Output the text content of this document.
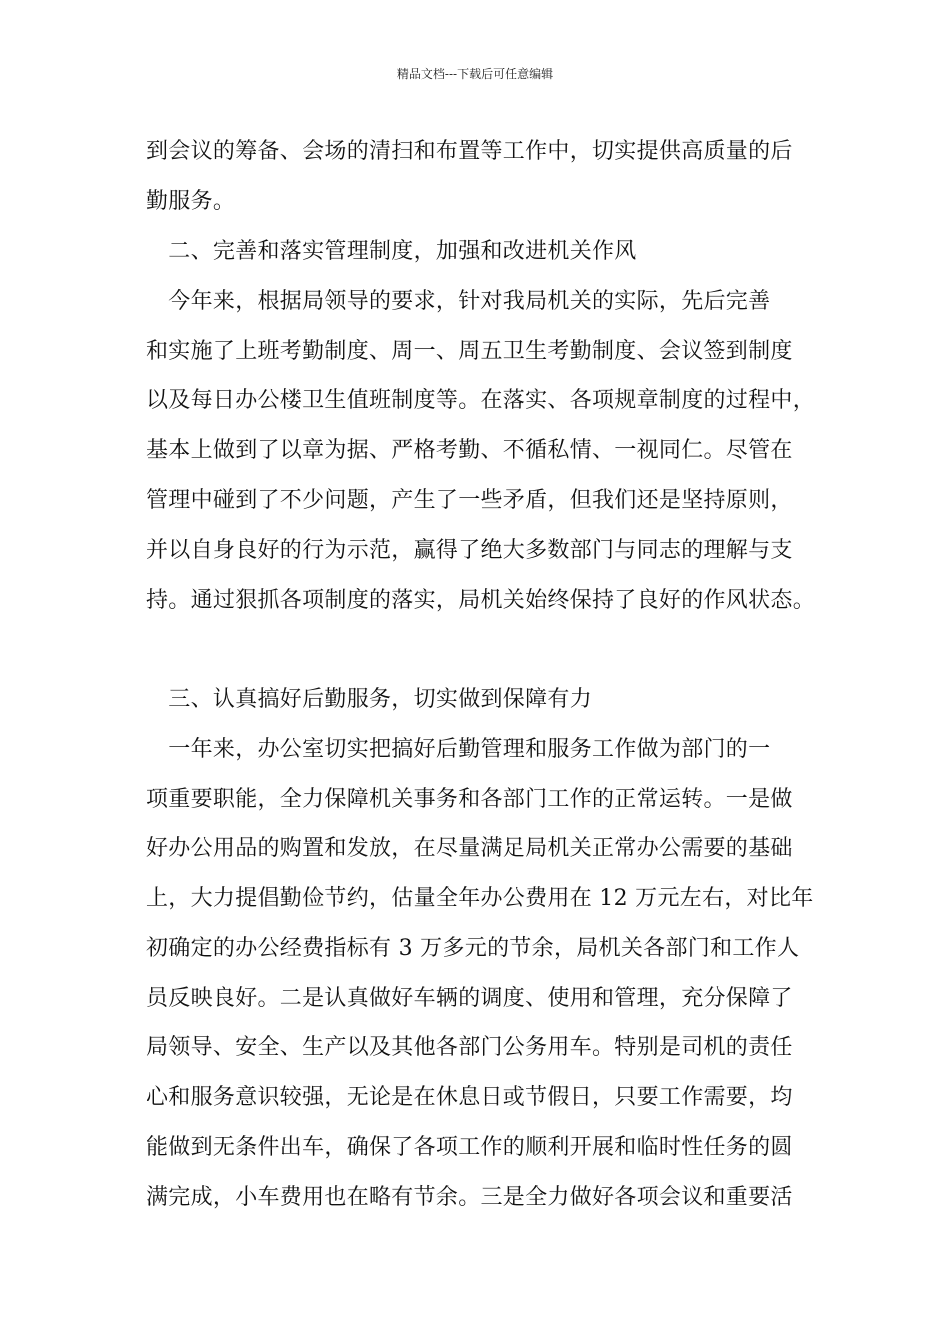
精品文档---下载后可任意编辑
到会议的筹备、会场的清扫和布置等工作中，切实提供高质量的后
勤服务。
　二、完善和落实管理制度，加强和改进机关作风
　今年来，根据局领导的要求，针对我局机关的实际，先后完善
和实施了上班考勤制度、周一、周五卫生考勤制度、会议签到制度
以及每日办公楼卫生值班制度等。在落实、各项规章制度的过程中，
基本上做到了以章为据、严格考勤、不循私情、一视同仁。尽管在
管理中碰到了不少问题，产生了一些矛盾，但我们还是坚持原则，
并以自身良好的行为示范，赢得了绝大多数部门与同志的理解与支
持。通过狠抓各项制度的落实，局机关始终保持了良好的作风状态。
　三、认真搞好后勤服务，切实做到保障有力
　一年来，办公室切实把搞好后勤管理和服务工作做为部门的一
项重要职能，全力保障机关事务和各部门工作的正常运转。一是做
好办公用品的购置和发放，在尽量满足局机关正常办公需要的基础
上，大力提倡勤俭节约，估量全年办公费用在 12 万元左右，对比年
初确定的办公经费指标有 3 万多元的节余，局机关各部门和工作人
员反映良好。二是认真做好车辆的调度、使用和管理，充分保障了
局领导、安全、生产以及其他各部门公务用车。特别是司机的责任
心和服务意识较强，无论是在休息日或节假日，只要工作需要，均
能做到无条件出车，确保了各项工作的顺利开展和临时性任务的圆
满完成，小车费用也在略有节余。三是全力做好各项会议和重要活
